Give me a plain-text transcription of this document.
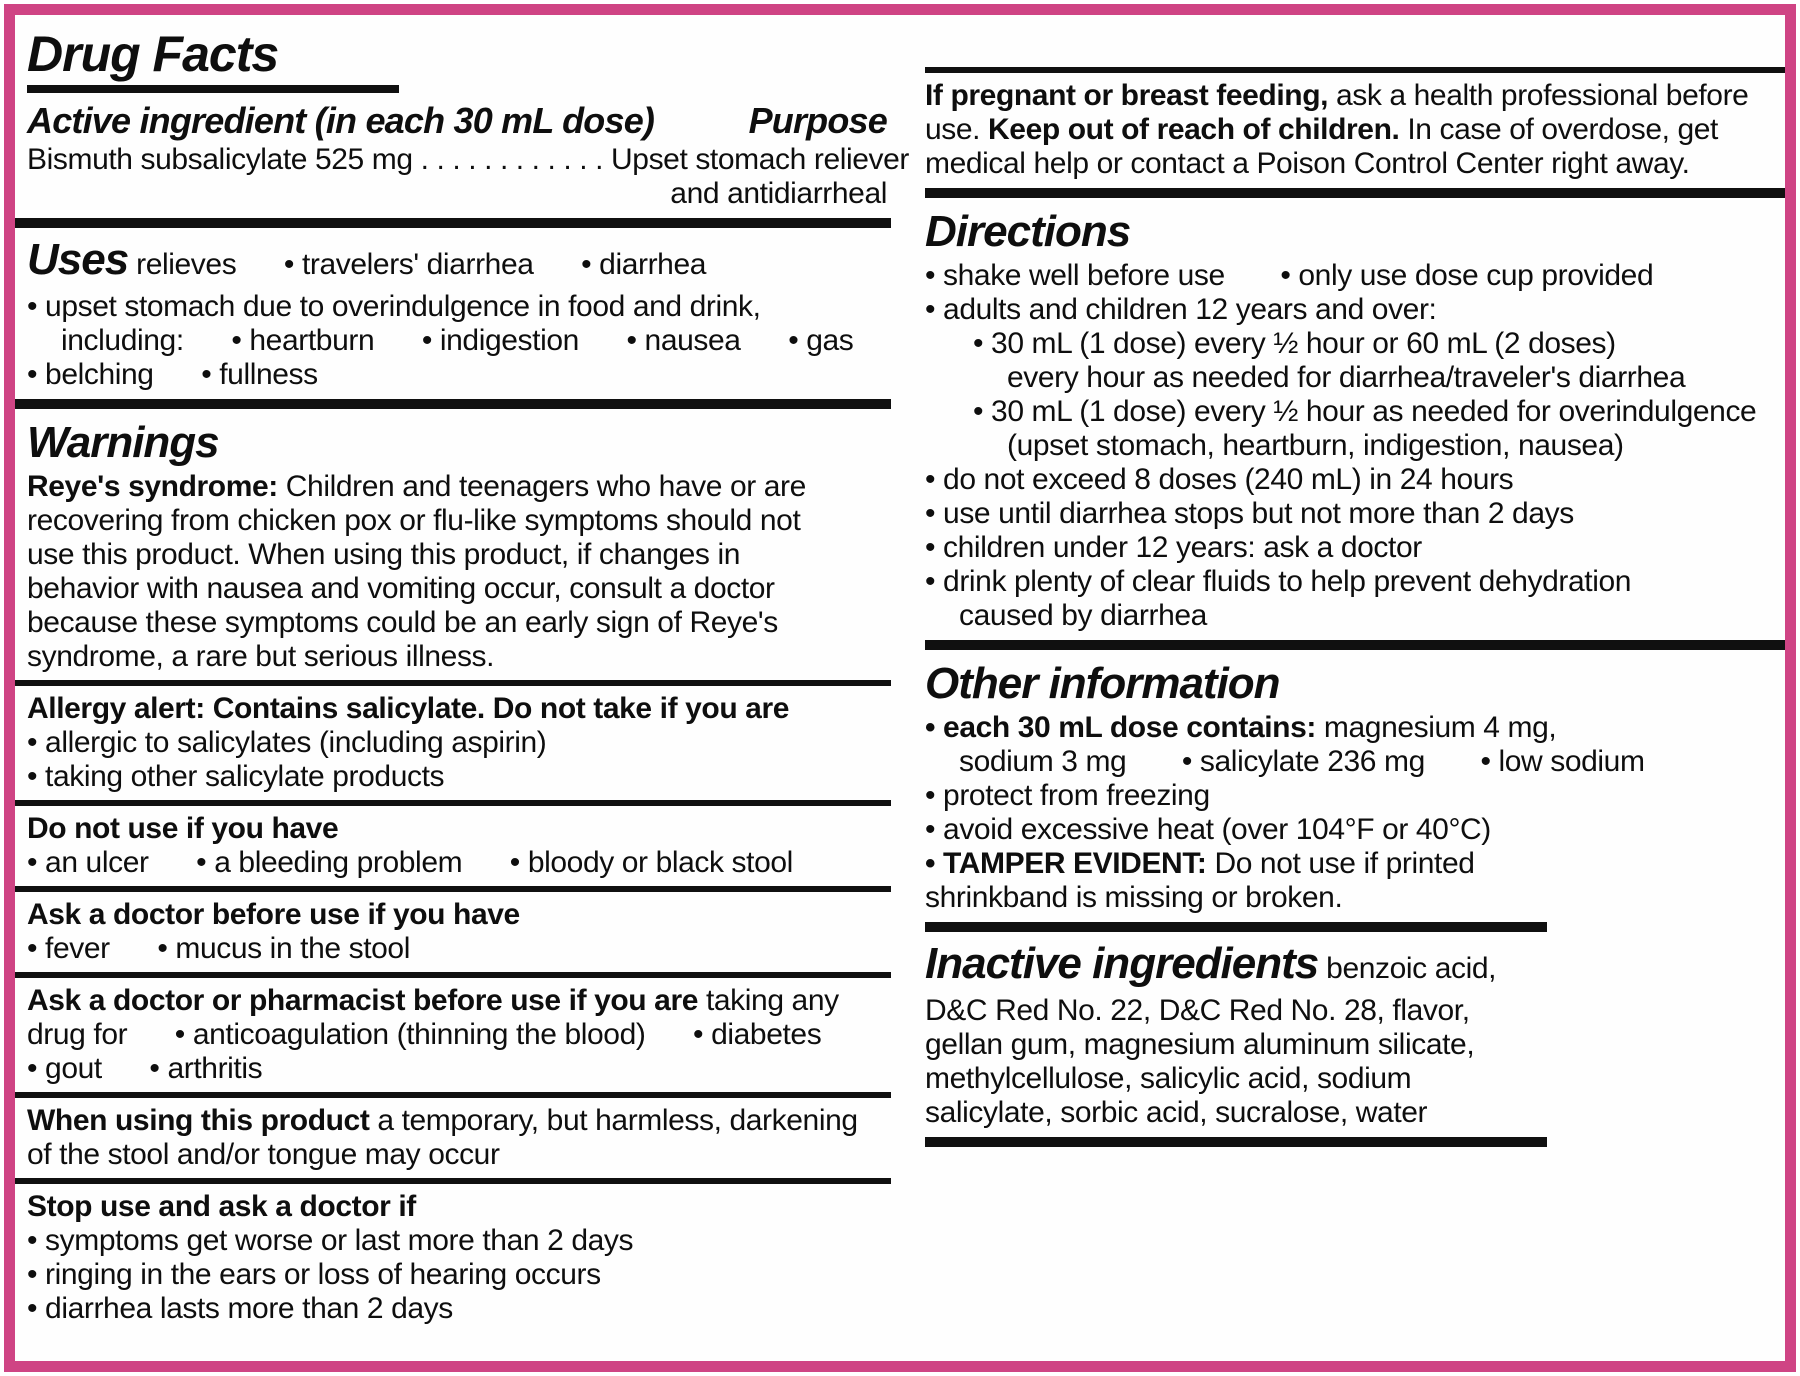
Drug Facts
Active ingredient (in each 30 mL dose)	Purpose
Bismuth subsalicylate 525 mg . . . . . . . . . . . . Upset stomach reliever
and antidiarrheal
Uses relieves      • travelers' diarrhea      • diarrhea
• upset stomach due to overindulgence in food and drink,
including:      • heartburn      • indigestion      • nausea      • gas
• belching      • fullness
Warnings
Reye's syndrome: Children and teenagers who have or are
recovering from chicken pox or flu-like symptoms should not
use this product. When using this product, if changes in
behavior with nausea and vomiting occur, consult a doctor
because these symptoms could be an early sign of Reye's
syndrome, a rare but serious illness.
Allergy alert: Contains salicylate. Do not take if you are
• allergic to salicylates (including aspirin)
• taking other salicylate products
Do not use if you have
• an ulcer      • a bleeding problem      • bloody or black stool
Ask a doctor before use if you have
• fever      • mucus in the stool
Ask a doctor or pharmacist before use if you are taking any
drug for      • anticoagulation (thinning the blood)      • diabetes
• gout      • arthritis
When using this product a temporary, but harmless, darkening
of the stool and/or tongue may occur
Stop use and ask a doctor if
• symptoms get worse or last more than 2 days
• ringing in the ears or loss of hearing occurs
• diarrhea lasts more than 2 days
If pregnant or breast feeding, ask a health professional before
use. Keep out of reach of children. In case of overdose, get
medical help or contact a Poison Control Center right away.
Directions
• shake well before use       • only use dose cup provided
• adults and children 12 years and over:
• 30 mL (1 dose) every ½ hour or 60 mL (2 doses)
every hour as needed for diarrhea/traveler's diarrhea
• 30 mL (1 dose) every ½ hour as needed for overindulgence
(upset stomach, heartburn, indigestion, nausea)
• do not exceed 8 doses (240 mL) in 24 hours
• use until diarrhea stops but not more than 2 days
• children under 12 years: ask a doctor
• drink plenty of clear fluids to help prevent dehydration
caused by diarrhea
Other information
• each 30 mL dose contains: magnesium 4 mg,
sodium 3 mg       • salicylate 236 mg       • low sodium
• protect from freezing
• avoid excessive heat (over 104°F or 40°C)
• TAMPER EVIDENT: Do not use if printed
shrinkband is missing or broken.
Inactive ingredients benzoic acid,
D&C Red No. 22, D&C Red No. 28, flavor,
gellan gum, magnesium aluminum silicate,
methylcellulose, salicylic acid, sodium
salicylate, sorbic acid, sucralose, water
